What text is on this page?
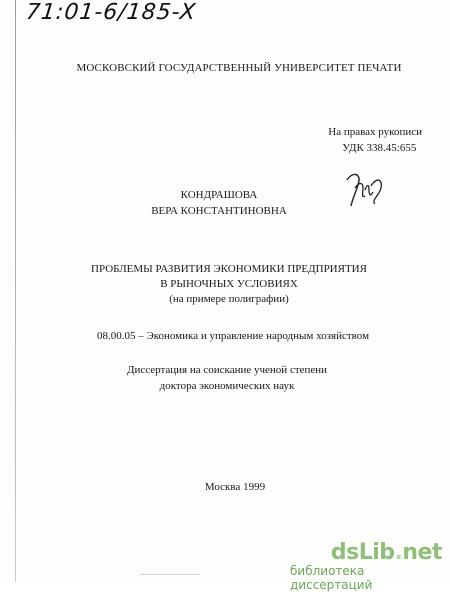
71:01-6/185-X
МОСКОВСКИЙ ГОСУДАРСТВЕННЫЙ УНИВЕРСИТЕТ ПЕЧАТИ
На правах рукописи
УДК 338.45:655
КОНДРАШОВА
ВЕРА КОНСТАНТИНОВНА
ПРОБЛЕМЫ РАЗВИТИЯ ЭКОНОМИКИ ПРЕДПРИЯТИЯ
В РЫНОЧНЫХ УСЛОВИЯХ
(на примере полиграфии)
08.00.05 – Экономика и управление народным хозяйством
Диссертация на соискание ученой степени
доктора экономических наук
Москва 1999
dsLib.net
библиотека диссертаций
